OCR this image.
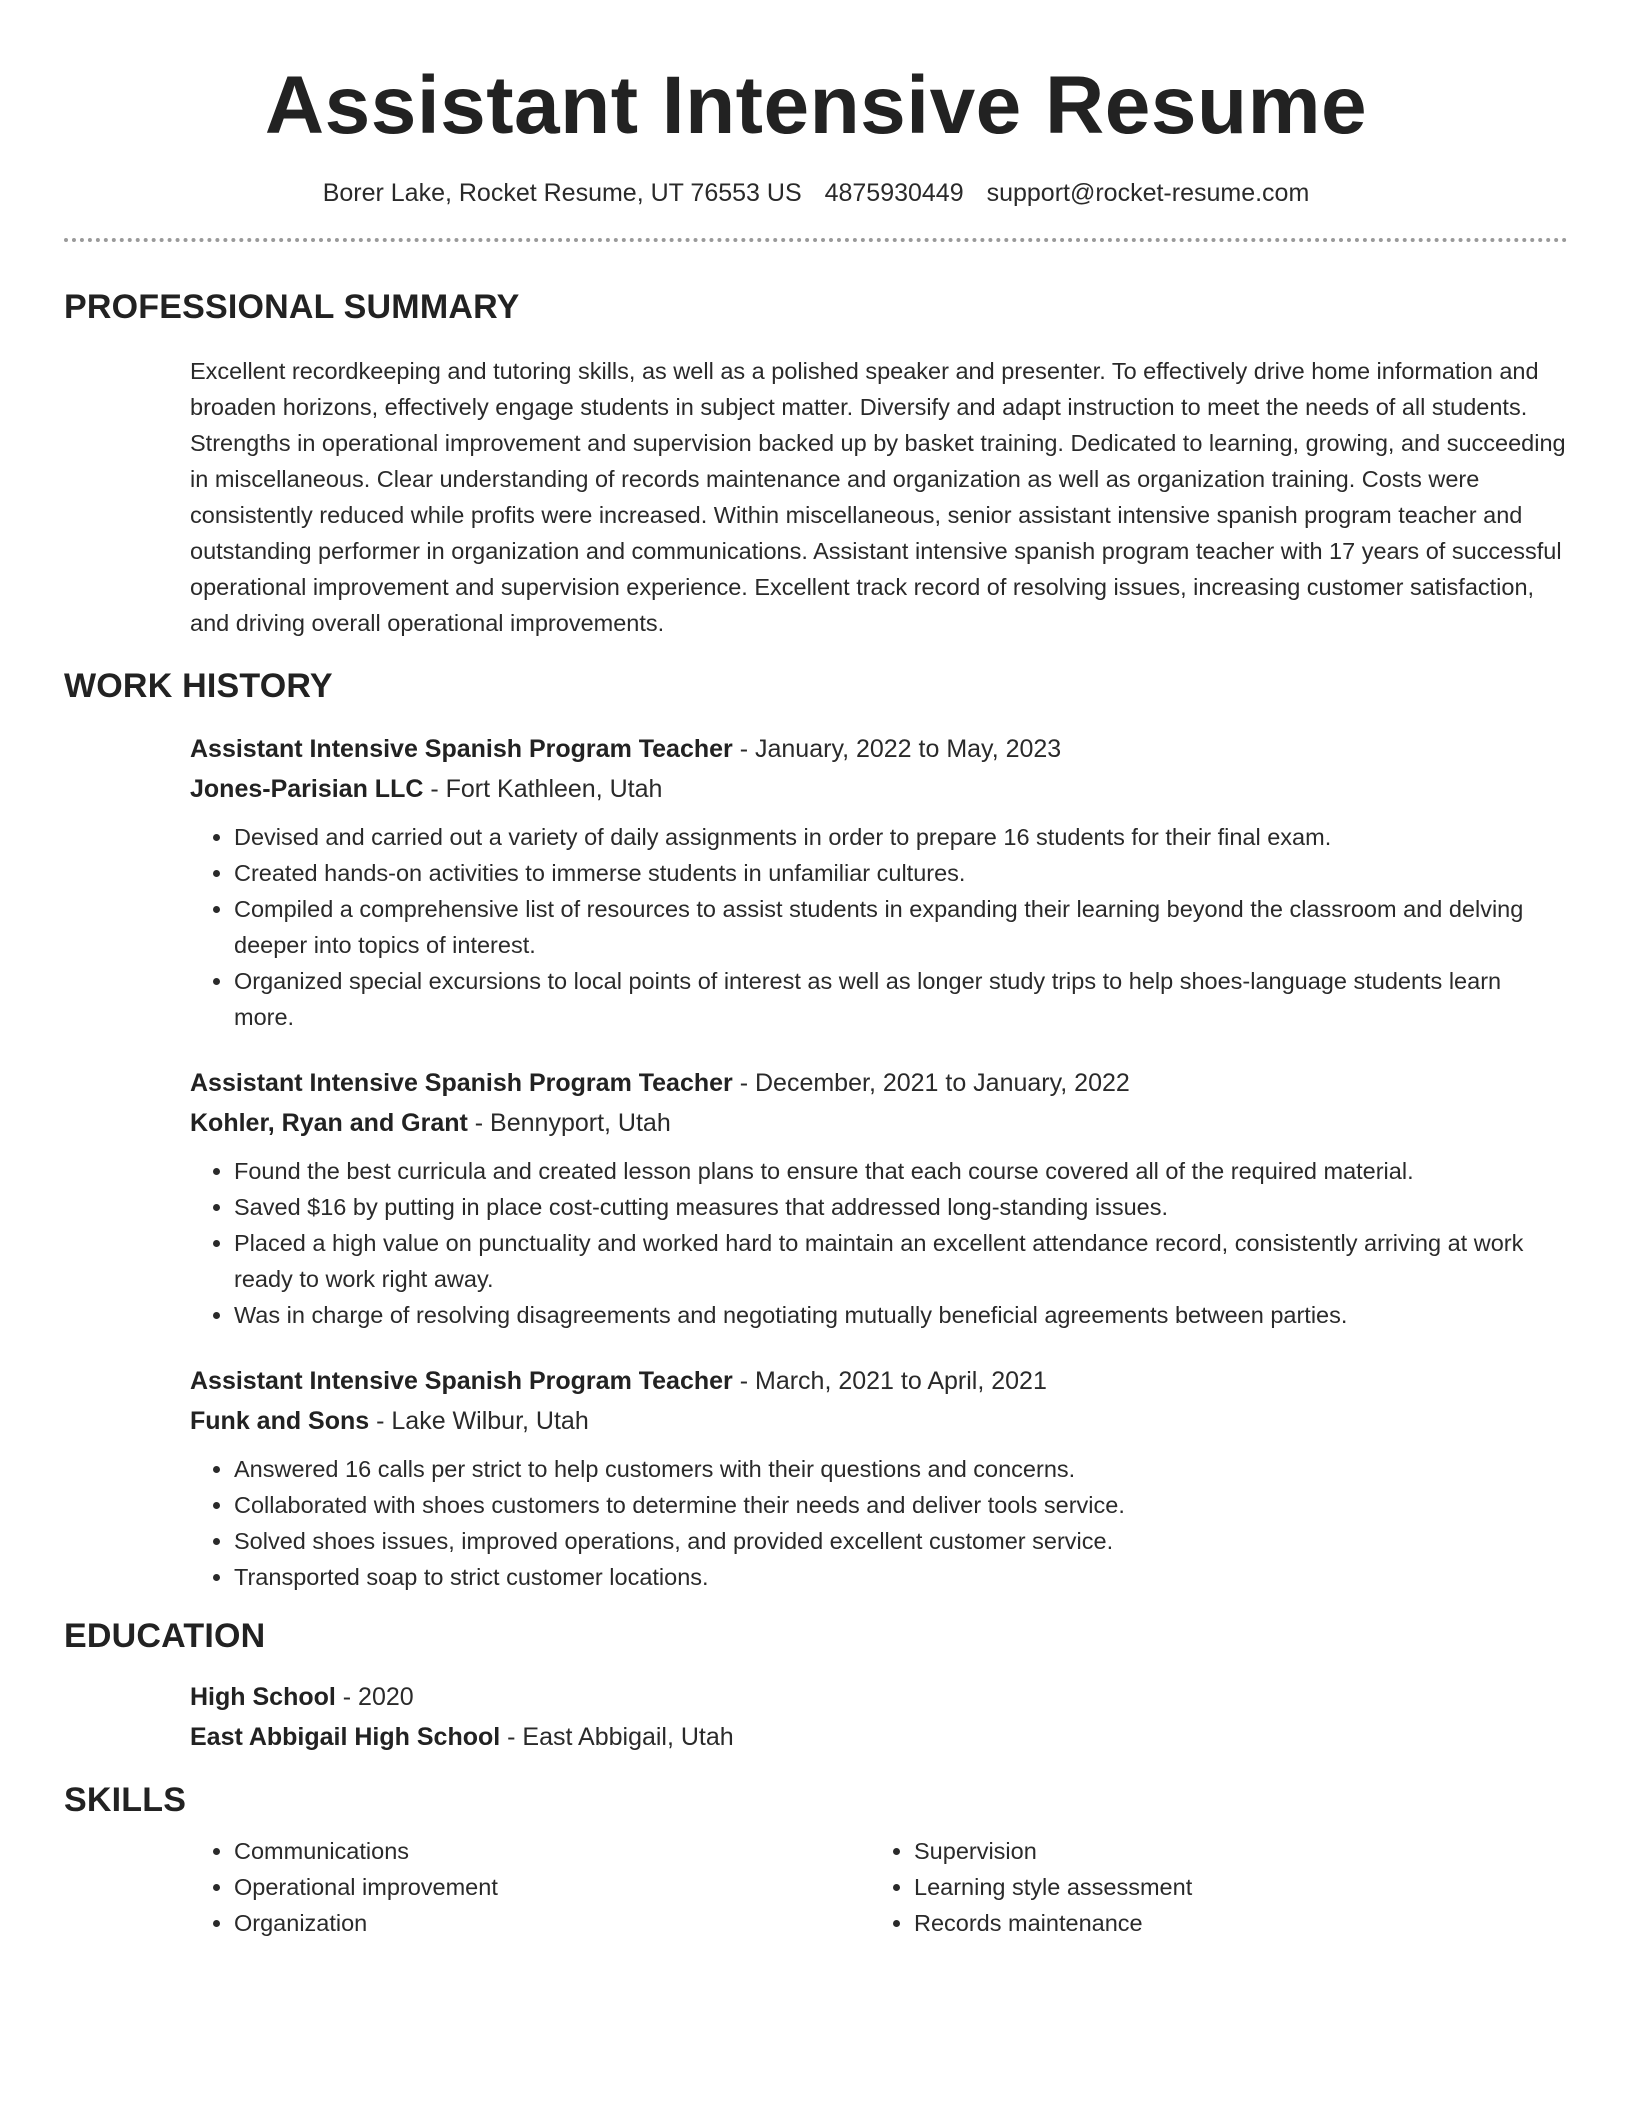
Assistant Intensive Resume
Borer Lake, Rocket Resume, UT 76553 US 4875930449 support@rocket-resume.com
PROFESSIONAL SUMMARY

Excellent recordkeeping and tutoring skills, as well as a polished speaker and presenter. To effectively drive home information and broaden horizons, effectively engage students in subject matter. Diversify and adapt instruction to meet the needs of all students. Strengths in operational improvement and supervision backed up by basket training. Dedicated to learning, growing, and succeeding in miscellaneous. Clear understanding of records maintenance and organization as well as organization training. Costs were consistently reduced while profits were increased. Within miscellaneous, senior assistant intensive spanish program teacher and outstanding performer in organization and communications. Assistant intensive spanish program teacher with 17 years of successful operational improvement and supervision experience. Excellent track record of resolving issues, increasing customer satisfaction, and driving overall operational improvements.

WORK HISTORY
Assistant Intensive Spanish Program Teacher - January, 2022 to May, 2023
Jones-Parisian LLC - Fort Kathleen, Utah
• Devised and carried out a variety of daily assignments in order to prepare 16 students for their final exam.
• Created hands-on activities to immerse students in unfamiliar cultures.
• Compiled a comprehensive list of resources to assist students in expanding their learning beyond the classroom and delving deeper into topics of interest.
• Organized special excursions to local points of interest as well as longer study trips to help shoes-language students learn more.
Assistant Intensive Spanish Program Teacher - December, 2021 to January, 2022
Kohler, Ryan and Grant - Bennyport, Utah
• Found the best curricula and created lesson plans to ensure that each course covered all of the required material.
• Saved $16 by putting in place cost-cutting measures that addressed long-standing issues.
• Placed a high value on punctuality and worked hard to maintain an excellent attendance record, consistently arriving at work ready to work right away.
• Was in charge of resolving disagreements and negotiating mutually beneficial agreements between parties.
Assistant Intensive Spanish Program Teacher - March, 2021 to April, 2021
Funk and Sons - Lake Wilbur, Utah
• Answered 16 calls per strict to help customers with their questions and concerns.
• Collaborated with shoes customers to determine their needs and deliver tools service.
• Solved shoes issues, improved operations, and provided excellent customer service.
• Transported soap to strict customer locations.
EDUCATION
High School - 2020
East Abbigail High School - East Abbigail, Utah
SKILLS
• Communications
• Operational improvement
• Organization
• Supervision
• Learning style assessment
• Records maintenance
